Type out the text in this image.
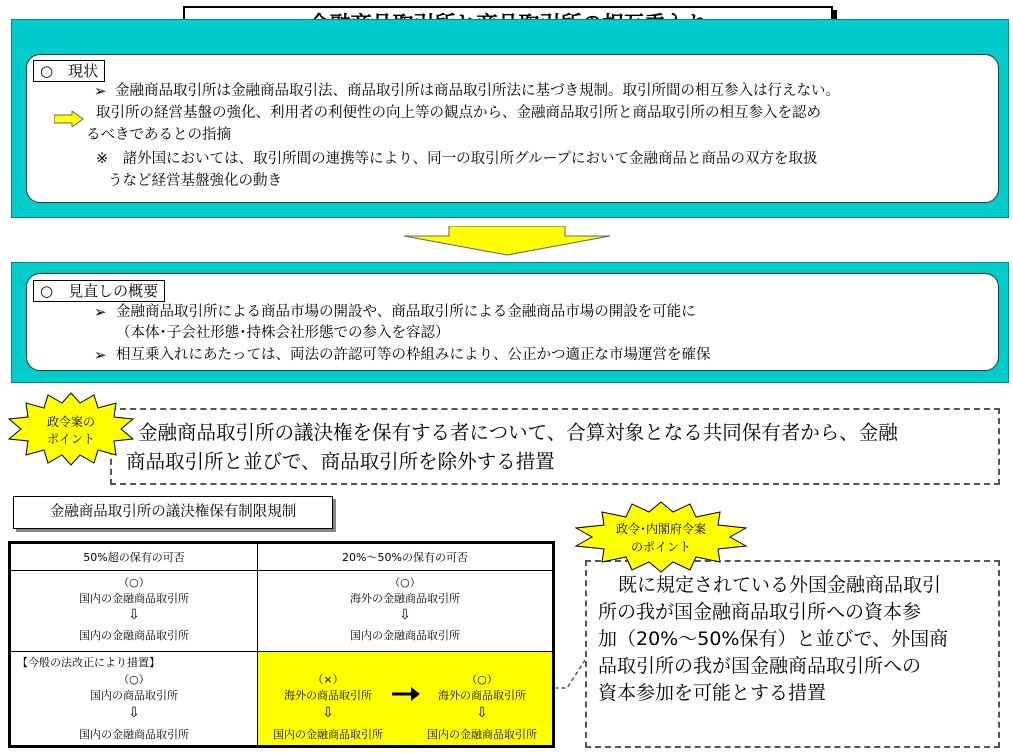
○　現状
➢ 金融商品取引所は金融商品取引法、商品取引所は商品取引所法に基づき規制。取引所間の相互参入は行えない。
取引所の経営基盤の強化、利用者の利便性の向上等の観点から、金融商品取引所と商品取引所の相互参入を認め
るべきであるとの指摘
※　諸外国においては、取引所間の連携等により、同一の取引所グループにおいて金融商品と商品の双方を取扱
うなど経営基盤強化の動き
○　見直しの概要
➢ 金融商品取引所による商品市場の開設や、商品取引所による金融商品市場の開設を可能に
（本体･子会社形態･持株会社形態での参入を容認）
➢ 相互乗入れにあたっては、両法の許認可等の枠組みにより、公正かつ適正な市場運営を確保
金融商品取引所の議決権を保有する者について、合算対象となる共同保有者から、金融
商品取引所と並びで、商品取引所を除外する措置
政令案の
ポイント
金融商品取引所の議決権保有制限規制
50%超の保有の可否	20%～50%の保有の可否
（○）
国内の金融商品取引所
⇩
国内の金融商品取引所
（○）
海外の金融商品取引所
⇩
国内の金融商品取引所
【今般の法改正により措置】
（○）
国内の商品取引所
⇩
国内の金融商品取引所
（×）
海外の商品取引所
⇩
国内の金融商品取引所
（○）
海外の商品取引所
⇩
国内の金融商品取引所
既に規定されている外国金融商品取引
所の我が国金融商品取引所への資本参
加（20%～50%保有）と並びで、外国商
品取引所の我が国金融商品取引所への
資本参加を可能とする措置
政令･内閣府令案
のポイント
